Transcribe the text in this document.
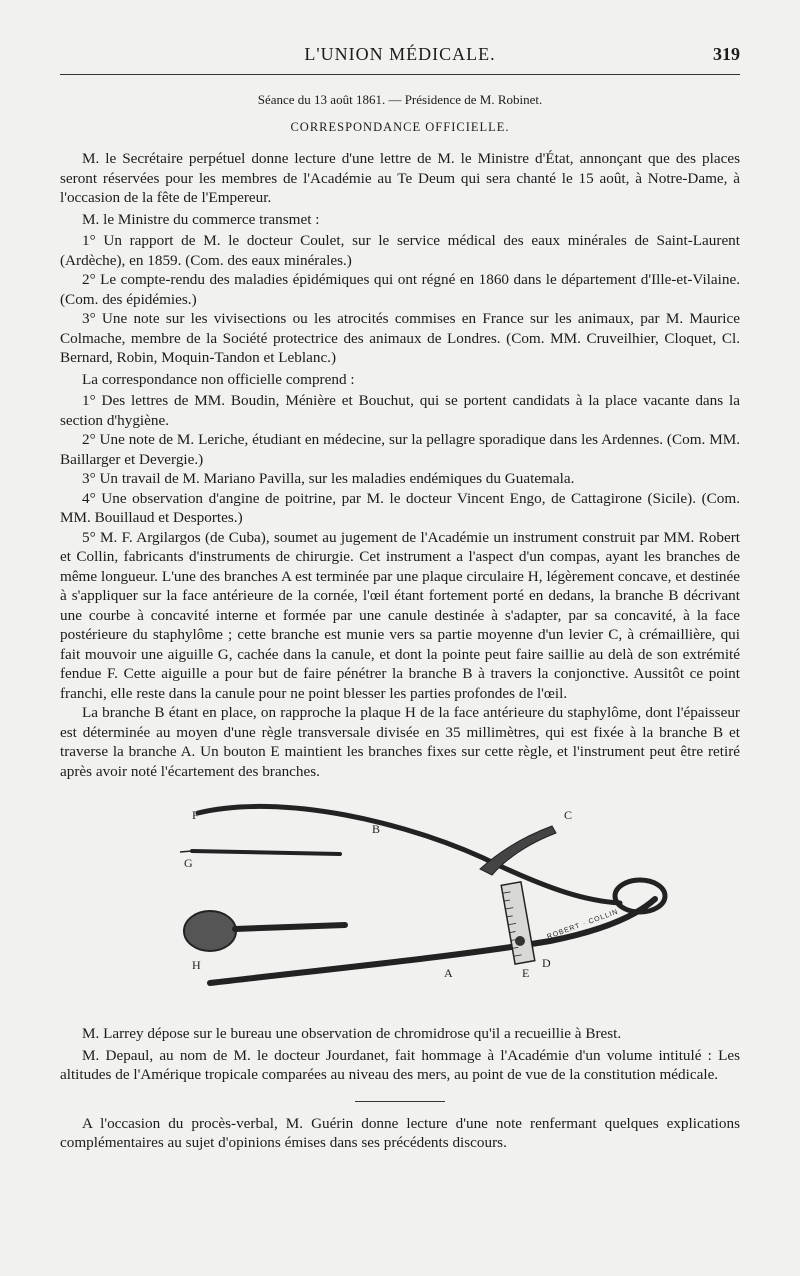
L'UNION MÉDICALE.	319
Séance du 13 août 1861. — Présidence de M. Robinet.
CORRESPONDANCE OFFICIELLE.

M. le Secrétaire perpétuel donne lecture d'une lettre de M. le Ministre d'État, annonçant que des places seront réservées pour les membres de l'Académie au Te Deum qui sera chanté le 15 août, à Notre-Dame, à l'occasion de la fête de l'Empereur.

M. le Ministre du commerce transmet :

1° Un rapport de M. le docteur Coulet, sur le service médical des eaux minérales de Saint-Laurent (Ardèche), en 1859. (Com. des eaux minérales.)

2° Le compte-rendu des maladies épidémiques qui ont régné en 1860 dans le département d'Ille-et-Vilaine. (Com. des épidémies.)

3° Une note sur les vivisections ou les atrocités commises en France sur les animaux, par M. Maurice Colmache, membre de la Société protectrice des animaux de Londres. (Com. MM. Cruveilhier, Cloquet, Cl. Bernard, Robin, Moquin-Tandon et Leblanc.)

La correspondance non officielle comprend :

1° Des lettres de MM. Boudin, Ménière et Bouchut, qui se portent candidats à la place vacante dans la section d'hygiène.

2° Une note de M. Leriche, étudiant en médecine, sur la pellagre sporadique dans les Ardennes. (Com. MM. Baillarger et Devergie.)

3° Un travail de M. Mariano Pavilla, sur les maladies endémiques du Guatemala.

4° Une observation d'angine de poitrine, par M. le docteur Vincent Engo, de Cattagirone (Sicile). (Com. MM. Bouillaud et Desportes.)

5° M. F. Argilargos (de Cuba), soumet au jugement de l'Académie un instrument construit par MM. Robert et Collin, fabricants d'instruments de chirurgie. Cet instrument a l'aspect d'un compas, ayant les branches de même longueur. L'une des branches A est terminée par une plaque circulaire H, légèrement concave, et destinée à s'appliquer sur la face antérieure de la cornée, l'œil étant fortement porté en dedans, la branche B décrivant une courbe à concavité interne et formée par une canule destinée à s'adapter, par sa concavité, à la face postérieure du staphylôme ; cette branche est munie vers sa partie moyenne d'un levier C, à crémaillière, qui fait mouvoir une aiguille G, cachée dans la canule, et dont la pointe peut faire saillie au delà de son extrémité fendue F. Cette aiguille a pour but de faire pénétrer la branche B à travers la conjonctive. Aussitôt ce point franchi, elle reste dans la canule pour ne point blesser les parties profondes de l'œil.

La branche B étant en place, on rapproche la plaque H de la face antérieure du staphylôme, dont l'épaisseur est déterminée au moyen d'une règle transversale divisée en 35 millimètres, qui est fixée à la branche B et traverse la branche A. Un bouton E maintient les branches fixes sur cette règle, et l'instrument peut être retiré après avoir noté l'écartement des branches.

ROBERT · COLLIN
F
B
C
G
H
E
D
A

M. Larrey dépose sur le bureau une observation de chromidrose qu'il a recueillie à Brest.

M. Depaul, au nom de M. le docteur Jourdanet, fait hommage à l'Académie d'un volume intitulé : Les altitudes de l'Amérique tropicale comparées au niveau des mers, au point de vue de la constitution médicale.

A l'occasion du procès-verbal, M. Guérin donne lecture d'une note renfermant quelques explications complémentaires au sujet d'opinions émises dans ses précédents discours.
